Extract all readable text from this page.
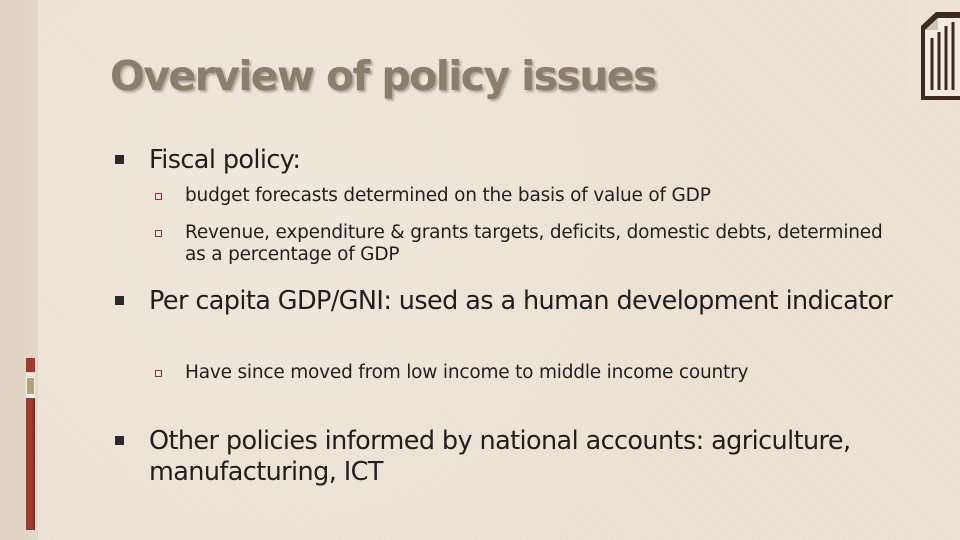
Overview of policy issues
Fiscal policy:
budget forecasts determined on the basis of value of GDP
Revenue, expenditure & grants targets, deficits, domestic debts, determined as a percentage of GDP
Per capita GDP/GNI: used as a human development indicator
Have since moved from low income to middle income country
Other policies informed by national accounts: agriculture, manufacturing, ICT
